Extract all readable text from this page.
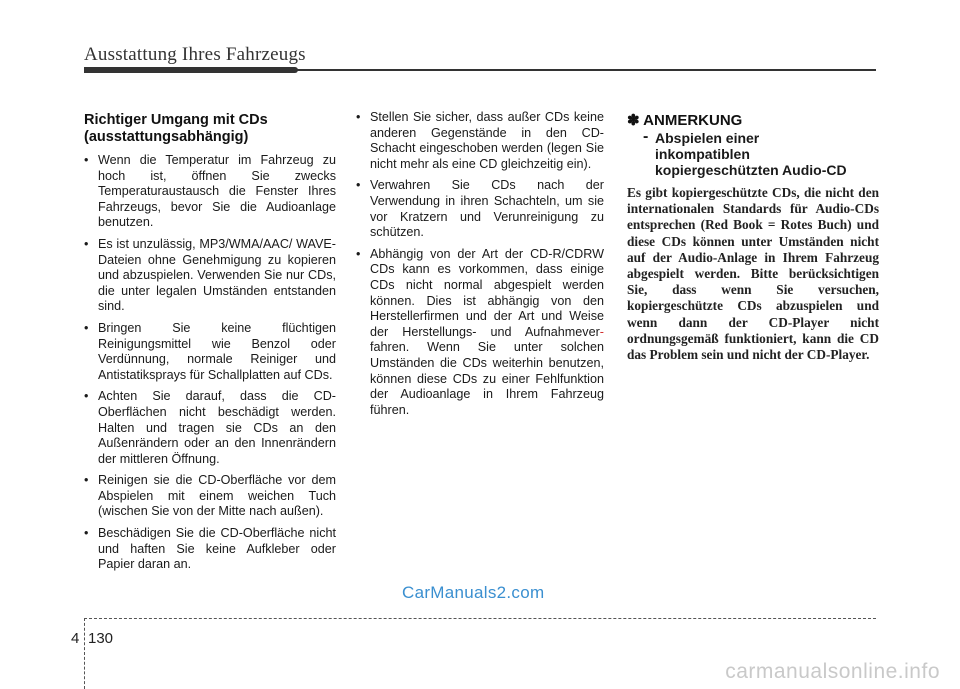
Ausstattung Ihres Fahrzeugs
Richtiger Umgang mit CDs
(ausstattungsabhängig)
• Wenn die Temperatur im Fahrzeug zu hoch ist, öffnen Sie zwecks Temperaturaustausch die Fenster Ihres Fahrzeugs, bevor Sie die Audioanlage benutzen.
• Es ist unzulässig, MP3/WMA/AAC/ WAVE-Dateien ohne Genehmigung zu kopieren und abzuspielen. Verwenden Sie nur CDs, die unter legalen Umständen entstanden sind.
• Bringen Sie keine flüchtigen Reinigungsmittel wie Benzol oder Verdünnung, normale Reiniger und Antistatiksprays für Schallplatten auf CDs.
• Achten Sie darauf, dass die CD-Oberflächen nicht beschädigt werden. Halten und tragen sie CDs an den Außenrändern oder an den Innenrändern der mittleren Öffnung.
• Reinigen sie die CD-Oberfläche vor dem Abspielen mit einem weichen Tuch (wischen Sie von der Mitte nach außen).
• Beschädigen Sie die CD-Oberfläche nicht und haften Sie keine Aufkleber oder Papier daran an.
• Stellen Sie sicher, dass außer CDs keine anderen Gegenstände in den CD-Schacht eingeschoben werden (legen Sie nicht mehr als eine CD gleichzeitig ein).
• Verwahren Sie CDs nach der Verwendung in ihren Schachteln, um sie vor Kratzern und Verunreinigung zu schützen.
• Abhängig von der Art der CD-R/CDRW CDs kann es vorkommen, dass einige CDs nicht normal abgespielt werden können. Dies ist abhängig von den Herstellerfirmen und der Art und Weise der Herstellungs- und Aufnahmever- fahren. Wenn Sie unter solchen Umständen die CDs weiterhin benutzen, können diese CDs zu einer Fehlfunktion der Audioanlage in Ihrem Fahrzeug führen.
✽ ANMERKUNG
- Abspielen einer
inkompatiblen
kopiergeschützten Audio-CD
Es gibt kopiergeschützte CDs, die nicht den internationalen Standards für Audio-CDs entsprechen (Red Book = Rotes Buch) und diese CDs können unter Umständen nicht auf der Audio-Anlage in Ihrem Fahrzeug abgespielt werden. Bitte berücksichtigen Sie, dass wenn Sie versuchen, kopiergeschützte CDs abzuspielen und wenn dann der CD-Player nicht ordnungsgemäß funktioniert, kann die CD das Problem sein und nicht der CD-Player.
CarManuals2.com
4 130
carmanualsonline.info
